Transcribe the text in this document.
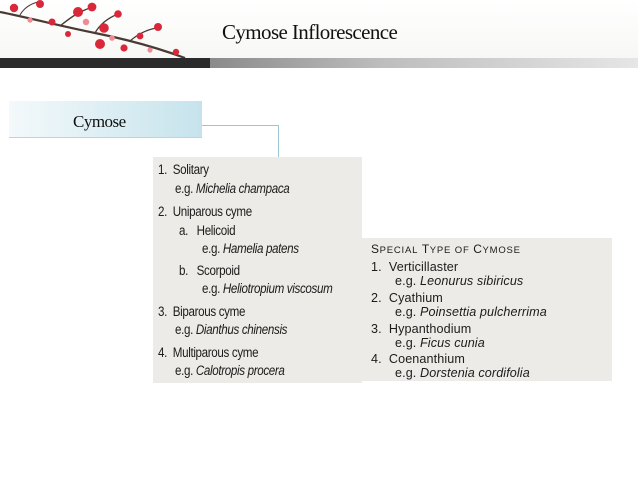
Cymose Inflorescence
Cymose
1. Solitary
e.g. Michelia champaca
2. Uniparous cyme
a. Helicoid
e.g. Hamelia patens
b. Scorpoid
e.g. Heliotropium viscosum
3. Biparous cyme
e.g. Dianthus chinensis
4. Multiparous cyme
e.g. Calotropis procera
SPECIAL TYPE OF CYMOSE
1. Verticillaster
e.g. Leonurus sibiricus
2. Cyathium
e.g. Poinsettia pulcherrima
3. Hypanthodium
e.g. Ficus cunia
4. Coenanthium
e.g. Dorstenia cordifolia
